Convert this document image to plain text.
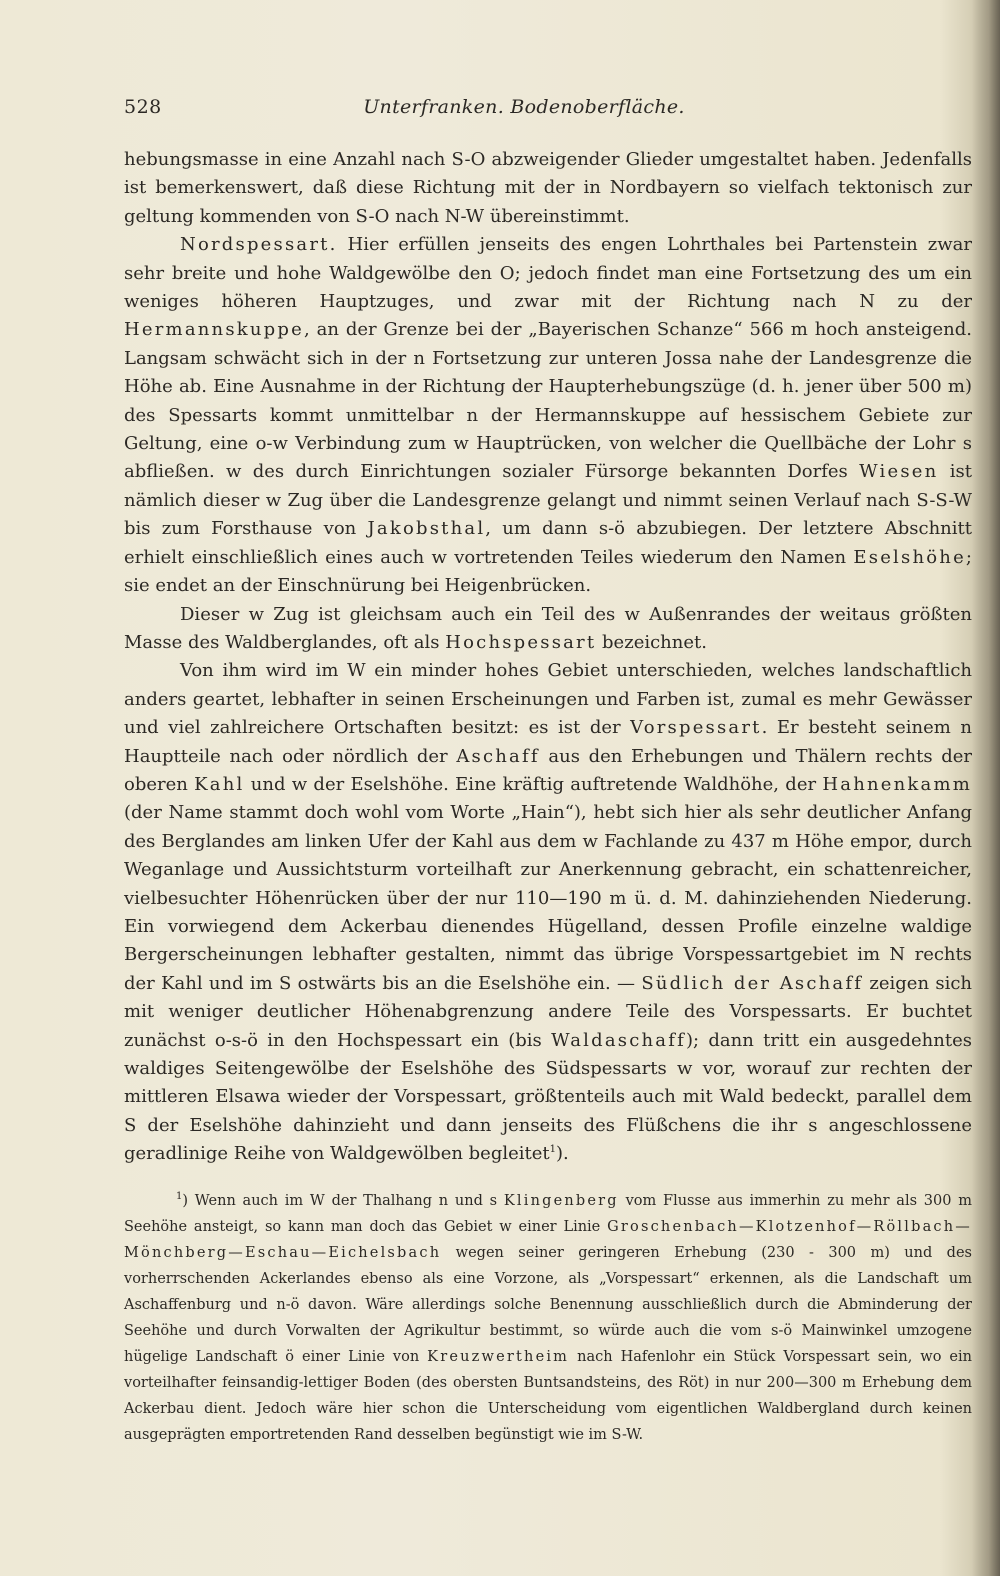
528	Unterfranken. Bodenoberfläche.

hebungsmasse in eine Anzahl nach S-O abzweigender Glieder umgestaltet haben. Jedenfalls ist bemerkenswert, daß diese Richtung mit der in Nordbayern so vielfach tektonisch zur geltung kommenden von S-O nach N-W übereinstimmt.

Nordspessart. Hier erfüllen jenseits des engen Lohrthales bei Partenstein zwar sehr breite und hohe Waldgewölbe den O; jedoch findet man eine Fortsetzung des um ein weniges höheren Hauptzuges, und zwar mit der Richtung nach N zu der Hermannskuppe, an der Grenze bei der „Bayerischen Schanze“ 566 m hoch ansteigend. Langsam schwächt sich in der n Fortsetzung zur unteren Jossa nahe der Landesgrenze die Höhe ab. Eine Ausnahme in der Richtung der Haupterhebungszüge (d. h. jener über 500 m) des Spessarts kommt unmittelbar n der Hermannskuppe auf hessischem Gebiete zur Geltung, eine o-w Verbindung zum w Hauptrücken, von welcher die Quellbäche der Lohr s abfließen. w des durch Einrichtungen sozialer Fürsorge bekannten Dorfes Wiesen ist nämlich dieser w Zug über die Landesgrenze gelangt und nimmt seinen Verlauf nach S-S-W bis zum Forsthause von Jakobsthal, um dann s-ö abzubiegen. Der letztere Abschnitt erhielt einschließlich eines auch w vortretenden Teiles wiederum den Namen Eselshöhe; sie endet an der Einschnürung bei Heigenbrücken.

Dieser w Zug ist gleichsam auch ein Teil des w Außenrandes der weitaus größten Masse des Waldberglandes, oft als Hochspessart bezeichnet.

Von ihm wird im W ein minder hohes Gebiet unterschieden, welches landschaftlich anders geartet, lebhafter in seinen Erscheinungen und Farben ist, zumal es mehr Gewässer und viel zahlreichere Ortschaften besitzt: es ist der Vorspessart. Er besteht seinem n Hauptteile nach oder nördlich der Aschaff aus den Erhebungen und Thälern rechts der oberen Kahl und w der Eselshöhe. Eine kräftig auftretende Waldhöhe, der Hahnenkamm (der Name stammt doch wohl vom Worte „Hain“), hebt sich hier als sehr deutlicher Anfang des Berglandes am linken Ufer der Kahl aus dem w Fachlande zu 437 m Höhe empor, durch Weganlage und Aussichtsturm vorteilhaft zur Anerkennung gebracht, ein schattenreicher, vielbesuchter Höhenrücken über der nur 110—190 m ü. d. M. dahinziehenden Niederung. Ein vorwiegend dem Ackerbau dienendes Hügelland, dessen Profile einzelne waldige Bergerscheinungen lebhafter gestalten, nimmt das übrige Vorspessartgebiet im N rechts der Kahl und im S ostwärts bis an die Eselshöhe ein. — Südlich der Aschaff zeigen sich mit weniger deutlicher Höhenabgrenzung andere Teile des Vorspessarts. Er buchtet zunächst o-s-ö in den Hochspessart ein (bis Waldaschaff); dann tritt ein ausgedehntes waldiges Seitengewölbe der Eselshöhe des Südspessarts w vor, worauf zur rechten der mittleren Elsawa wieder der Vorspessart, größtenteils auch mit Wald bedeckt, parallel dem S der Eselshöhe dahinzieht und dann jenseits des Flüßchens die ihr s angeschlossene geradlinige Reihe von Waldgewölben begleitet$^1$).

$^1$) Wenn auch im W der Thalhang n und s Klingenberg vom Flusse aus immerhin zu mehr als 300 m Seehöhe ansteigt, so kann man doch das Gebiet w einer Linie Groschenbach—Klotzenhof—Röllbach—Mönchberg—Eschau—Eichelsbach wegen seiner geringeren Erhebung (230 - 300 m) und des vorherrschenden Ackerlandes ebenso als eine Vorzone, als „Vorspessart“ erkennen, als die Landschaft um Aschaffenburg und n-ö davon. Wäre allerdings solche Benennung ausschließlich durch die Abminderung der Seehöhe und durch Vorwalten der Agrikultur bestimmt, so würde auch die vom s-ö Mainwinkel umzogene hügelige Landschaft ö einer Linie von Kreuzwertheim nach Hafenlohr ein Stück Vorspessart sein, wo ein vorteilhafter feinsandig-lettiger Boden (des obersten Buntsandsteins, des Röt) in nur 200—300 m Erhebung dem Ackerbau dient. Jedoch wäre hier schon die Unterscheidung vom eigentlichen Waldbergland durch keinen ausgeprägten emportretenden Rand desselben begünstigt wie im S-W.
